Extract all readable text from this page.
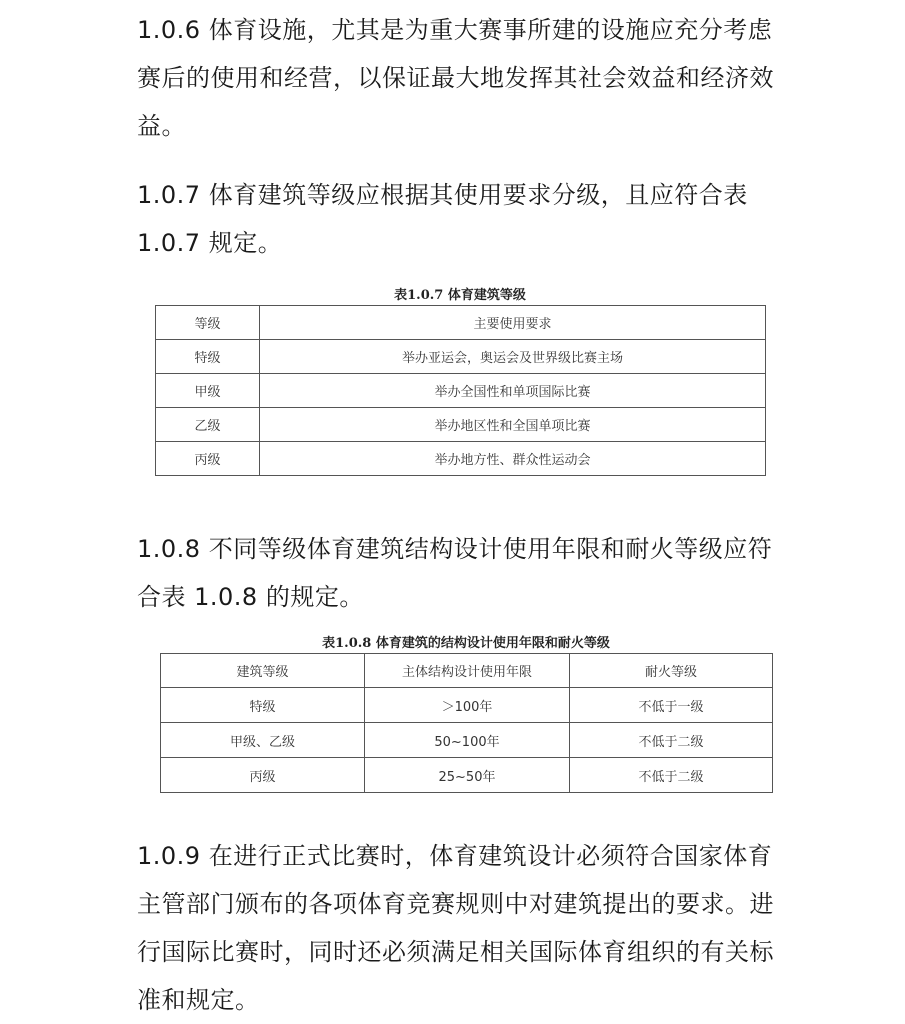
1.0.6 体育设施，尤其是为重大赛事所建的设施应充分考虑赛后的使用和经营，以保证最大地发挥其社会效益和经济效益。

1.0.7 体育建筑等级应根据其使用要求分级，且应符合表 1.0.7 规定。

表1.0.7 体育建筑等级
等级	主要使用要求
特级	举办亚运会，奥运会及世界级比赛主场
甲级	举办全国性和单项国际比赛
乙级	举办地区性和全国单项比赛
丙级	举办地方性、群众性运动会

1.0.8 不同等级体育建筑结构设计使用年限和耐火等级应符合表 1.0.8 的规定。

表1.0.8 体育建筑的结构设计使用年限和耐火等级
建筑等级	主体结构设计使用年限	耐火等级
特级	＞100年	不低于一级
甲级、乙级	50~100年	不低于二级
丙级	25~50年	不低于二级

1.0.9 在进行正式比赛时，体育建筑设计必须符合国家体育主管部门颁布的各项体育竞赛规则中对建筑提出的要求。进行国际比赛时，同时还必须满足相关国际体育组织的有关标准和规定。
